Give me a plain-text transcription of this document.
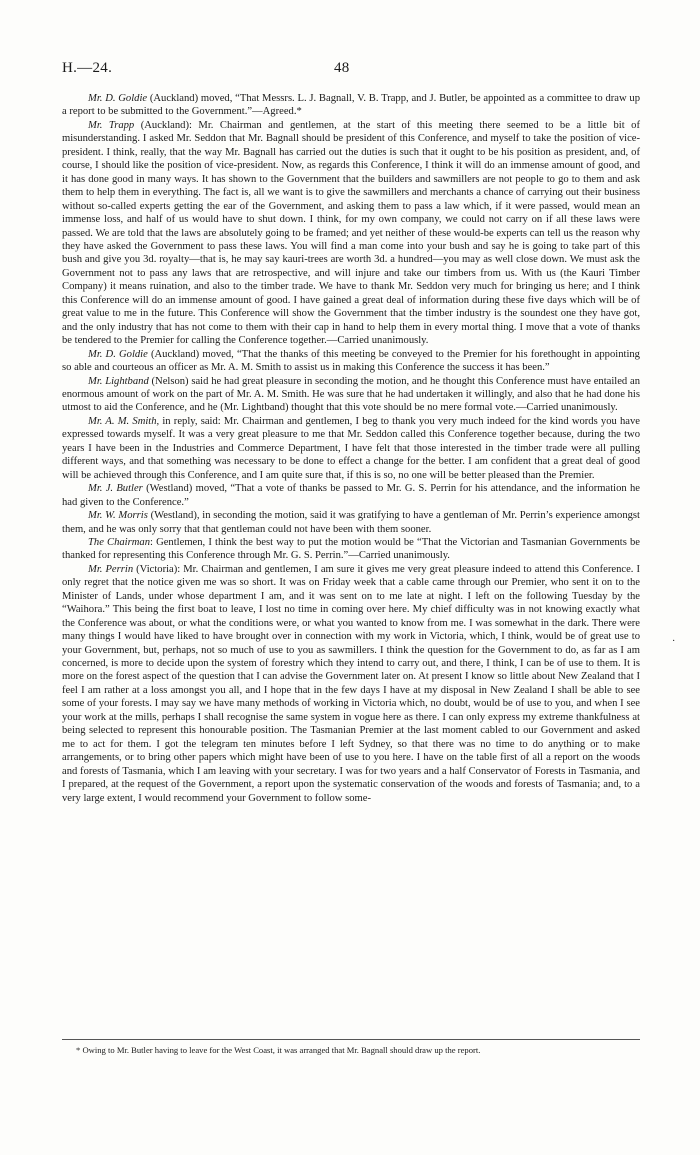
H.—24.	48

Mr. D. Goldie (Auckland) moved, “That Messrs. L. J. Bagnall, V. B. Trapp, and J. Butler, be appointed as a committee to draw up a report to be submitted to the Government.”—Agreed.*

Mr. Trapp (Auckland): Mr. Chairman and gentlemen, at the start of this meeting there seemed to be a little bit of misunderstanding. I asked Mr. Seddon that Mr. Bagnall should be president of this Conference, and myself to take the position of vice-president. I think, really, that the way Mr. Bagnall has carried out the duties is such that it ought to be his position as president, and, of course, I should like the position of vice-president. Now, as regards this Conference, I think it will do an immense amount of good, and it has done good in many ways. It has shown to the Government that the builders and sawmillers are not people to go to them and ask them to help them in everything. The fact is, all we want is to give the sawmillers and merchants a chance of carrying out their business without so-called experts getting the ear of the Government, and asking them to pass a law which, if it were passed, would mean an immense loss, and half of us would have to shut down. I think, for my own company, we could not carry on if all these laws were passed. We are told that the laws are absolutely going to be framed; and yet neither of these would-be experts can tell us the reason why they have asked the Government to pass these laws. You will find a man come into your bush and say he is going to take part of this bush and give you 3d. royalty—that is, he may say kauri-trees are worth 3d. a hundred—you may as well close down. We must ask the Government not to pass any laws that are retrospective, and will injure and take our timbers from us. With us (the Kauri Timber Company) it means ruination, and also to the timber trade. We have to thank Mr. Seddon very much for bringing us here; and I think this Conference will do an immense amount of good. I have gained a great deal of information during these five days which will be of great value to me in the future. This Conference will show the Government that the timber industry is the soundest one they have got, and the only industry that has not come to them with their cap in hand to help them in every mortal thing. I move that a vote of thanks be tendered to the Premier for calling the Conference together.—Carried unanimously.

Mr. D. Goldie (Auckland) moved, “That the thanks of this meeting be conveyed to the Premier for his forethought in appointing so able and courteous an officer as Mr. A. M. Smith to assist us in making this Conference the success it has been.”

Mr. Lightband (Nelson) said he had great pleasure in seconding the motion, and he thought this Conference must have entailed an enormous amount of work on the part of Mr. A. M. Smith. He was sure that he had undertaken it willingly, and also that he had done his utmost to aid the Conference, and he (Mr. Lightband) thought that this vote should be no mere formal vote.—Carried unanimously.

Mr. A. M. Smith, in reply, said: Mr. Chairman and gentlemen, I beg to thank you very much indeed for the kind words you have expressed towards myself. It was a very great pleasure to me that Mr. Seddon called this Conference together because, during the two years I have been in the Industries and Commerce Department, I have felt that those interested in the timber trade were all pulling different ways, and that something was necessary to be done to effect a change for the better. I am confident that a great deal of good will be achieved through this Conference, and I am quite sure that, if this is so, no one will be better pleased than the Premier.

Mr. J. Butler (Westland) moved, “That a vote of thanks be passed to Mr. G. S. Perrin for his attendance, and the information he had given to the Conference.”

Mr. W. Morris (Westland), in seconding the motion, said it was gratifying to have a gentleman of Mr. Perrin’s experience amongst them, and he was only sorry that that gentleman could not have been with them sooner.

The Chairman: Gentlemen, I think the best way to put the motion would be “That the Victorian and Tasmanian Governments be thanked for representing this Conference through Mr. G. S. Perrin.”—Carried unanimously.

Mr. Perrin (Victoria): Mr. Chairman and gentlemen, I am sure it gives me very great pleasure indeed to attend this Conference. I only regret that the notice given me was so short. It was on Friday week that a cable came through our Premier, who sent it on to the Minister of Lands, under whose department I am, and it was sent on to me late at night. I left on the following Tuesday by the “Waihora.” This being the first boat to leave, I lost no time in coming over here. My chief difficulty was in not knowing exactly what the Conference was about, or what the conditions were, or what you wanted to know from me. I was somewhat in the dark. There were many things I would have liked to have brought over in connection with my work in Victoria, which, I think, would be of great use to your Government, but, perhaps, not so much of use to you as sawmillers. I think the question for the Government to do, as far as I am concerned, is more to decide upon the system of forestry which they intend to carry out, and there, I think, I can be of use to them. It is more on the forest aspect of the question that I can advise the Government later on. At present I know so little about New Zealand that I feel I am rather at a loss amongst you all, and I hope that in the few days I have at my disposal in New Zealand I shall be able to see some of your forests. I may say we have many methods of working in Victoria which, no doubt, would be of use to you, and when I see your work at the mills, perhaps I shall recognise the same system in vogue here as there. I can only express my extreme thankfulness at being selected to represent this honourable position. The Tasmanian Premier at the last moment cabled to our Government and asked me to act for them. I got the telegram ten minutes before I left Sydney, so that there was no time to do anything or to make arrangements, or to bring other papers which might have been of use to you here. I have on the table first of all a report on the woods and forests of Tasmania, which I am leaving with your secretary. I was for two years and a half Conservator of Forests in Tasmania, and I prepared, at the request of the Government, a report upon the systematic conservation of the woods and forests of Tasmania; and, to a very large extent, I would recommend your Government to follow some-

* Owing to Mr. Butler having to leave for the West Coast, it was arranged that Mr. Bagnall should draw up the report.
·
